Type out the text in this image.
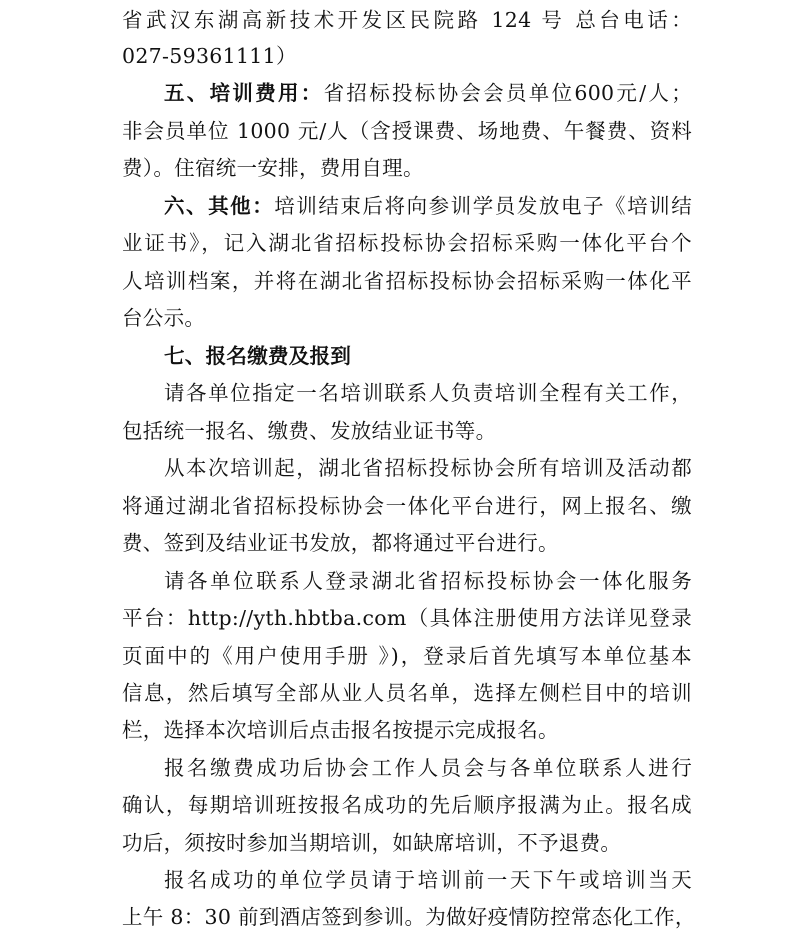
省武汉东湖高新技术开发区民院路 124 号 总台电话：
027-59361111）
五、培训费用：省招标投标协会会员单位600元/人；
非会员单位 1000 元/人（含授课费、场地费、午餐费、资料
费）。住宿统一安排，费用自理。
六、其他：培训结束后将向参训学员发放电子《培训结
业证书》，记入湖北省招标投标协会招标采购一体化平台个
人培训档案，并将在湖北省招标投标协会招标采购一体化平
台公示。
七、报名缴费及报到
请各单位指定一名培训联系人负责培训全程有关工作，
包括统一报名、缴费、发放结业证书等。
从本次培训起，湖北省招标投标协会所有培训及活动都
将通过湖北省招标投标协会一体化平台进行，网上报名、缴
费、签到及结业证书发放，都将通过平台进行。
请各单位联系人登录湖北省招标投标协会一体化服务
平台：http://yth.hbtba.com（具体注册使用方法详见登录
页面中的《用户使用手册 》)，登录后首先填写本单位基本
信息，然后填写全部从业人员名单，选择左侧栏目中的培训
栏，选择本次培训后点击报名按提示完成报名。
报名缴费成功后协会工作人员会与各单位联系人进行
确认，每期培训班按报名成功的先后顺序报满为止。报名成
功后，须按时参加当期培训，如缺席培训，不予退费。
报名成功的单位学员请于培训前一天下午或培训当天
上午 8：30 前到酒店签到参训。为做好疫情防控常态化工作，
